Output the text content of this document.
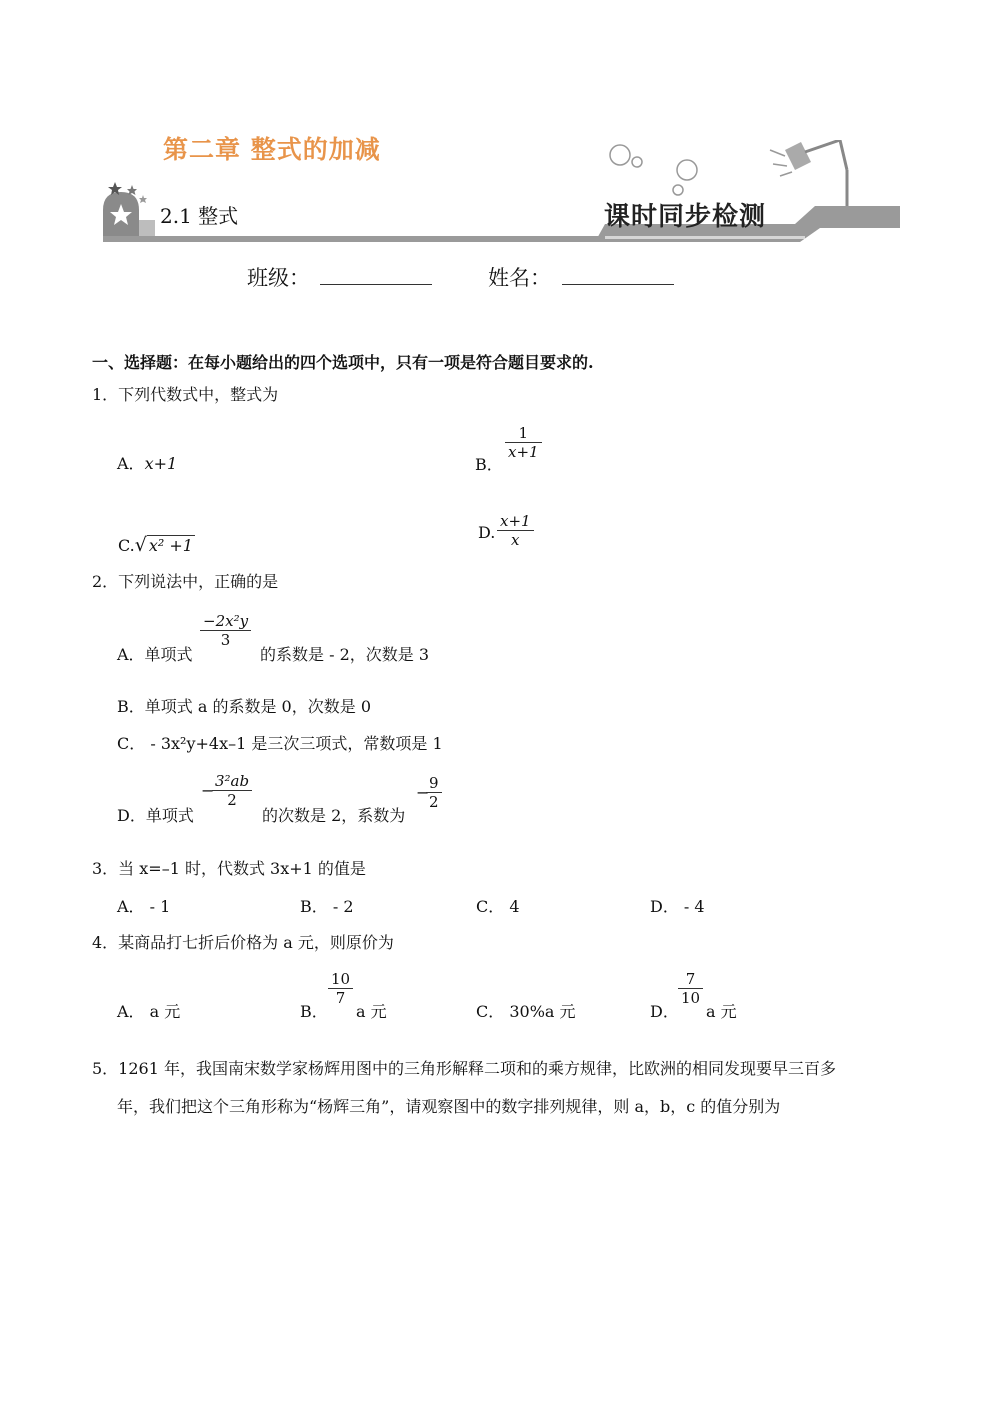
第二章 整式的加减
2.1 整式	课时同步检测
班级：	姓名：
一、选择题：在每小题给出的四个选项中，只有一项是符合题目要求的.
1．下列代数式中，整式为
A．x+1	B．
$\frac{1}{x+1}$
C.√ x² +1
D. $\frac{x+1}{x}$
2．下列说法中，正确的是
A．单项式
$\frac{\text{−2x²y}}{3}$
的系数是 ‑ 2，次数是 3
B．单项式 a 的系数是 0，次数是 0
C． ‑ 3x²y+4x–1 是三次三项式，常数项是 1
D．单项式
−
$\frac{\text{3²ab}}{2}$
的次数是 2，系数为
−
$\frac{9}{2}$
3．当 x=–1 时，代数式 3x+1 的值是
A． ‑ 1	B． ‑ 2	C． 4	D． ‑ 4
4．某商品打七折后价格为 a 元，则原价为
A． a 元	B．
$\frac{10}{7}$
a 元	C． 30%a 元	D．
$\frac{7}{10}$
a 元
5．1261 年，我国南宋数学家杨辉用图中的三角形解释二项和的乘方规律，比欧洲的相同发现要早三百多
年，我们把这个三角形称为“杨辉三角”，请观察图中的数字排列规律，则 a，b，c 的值分别为
